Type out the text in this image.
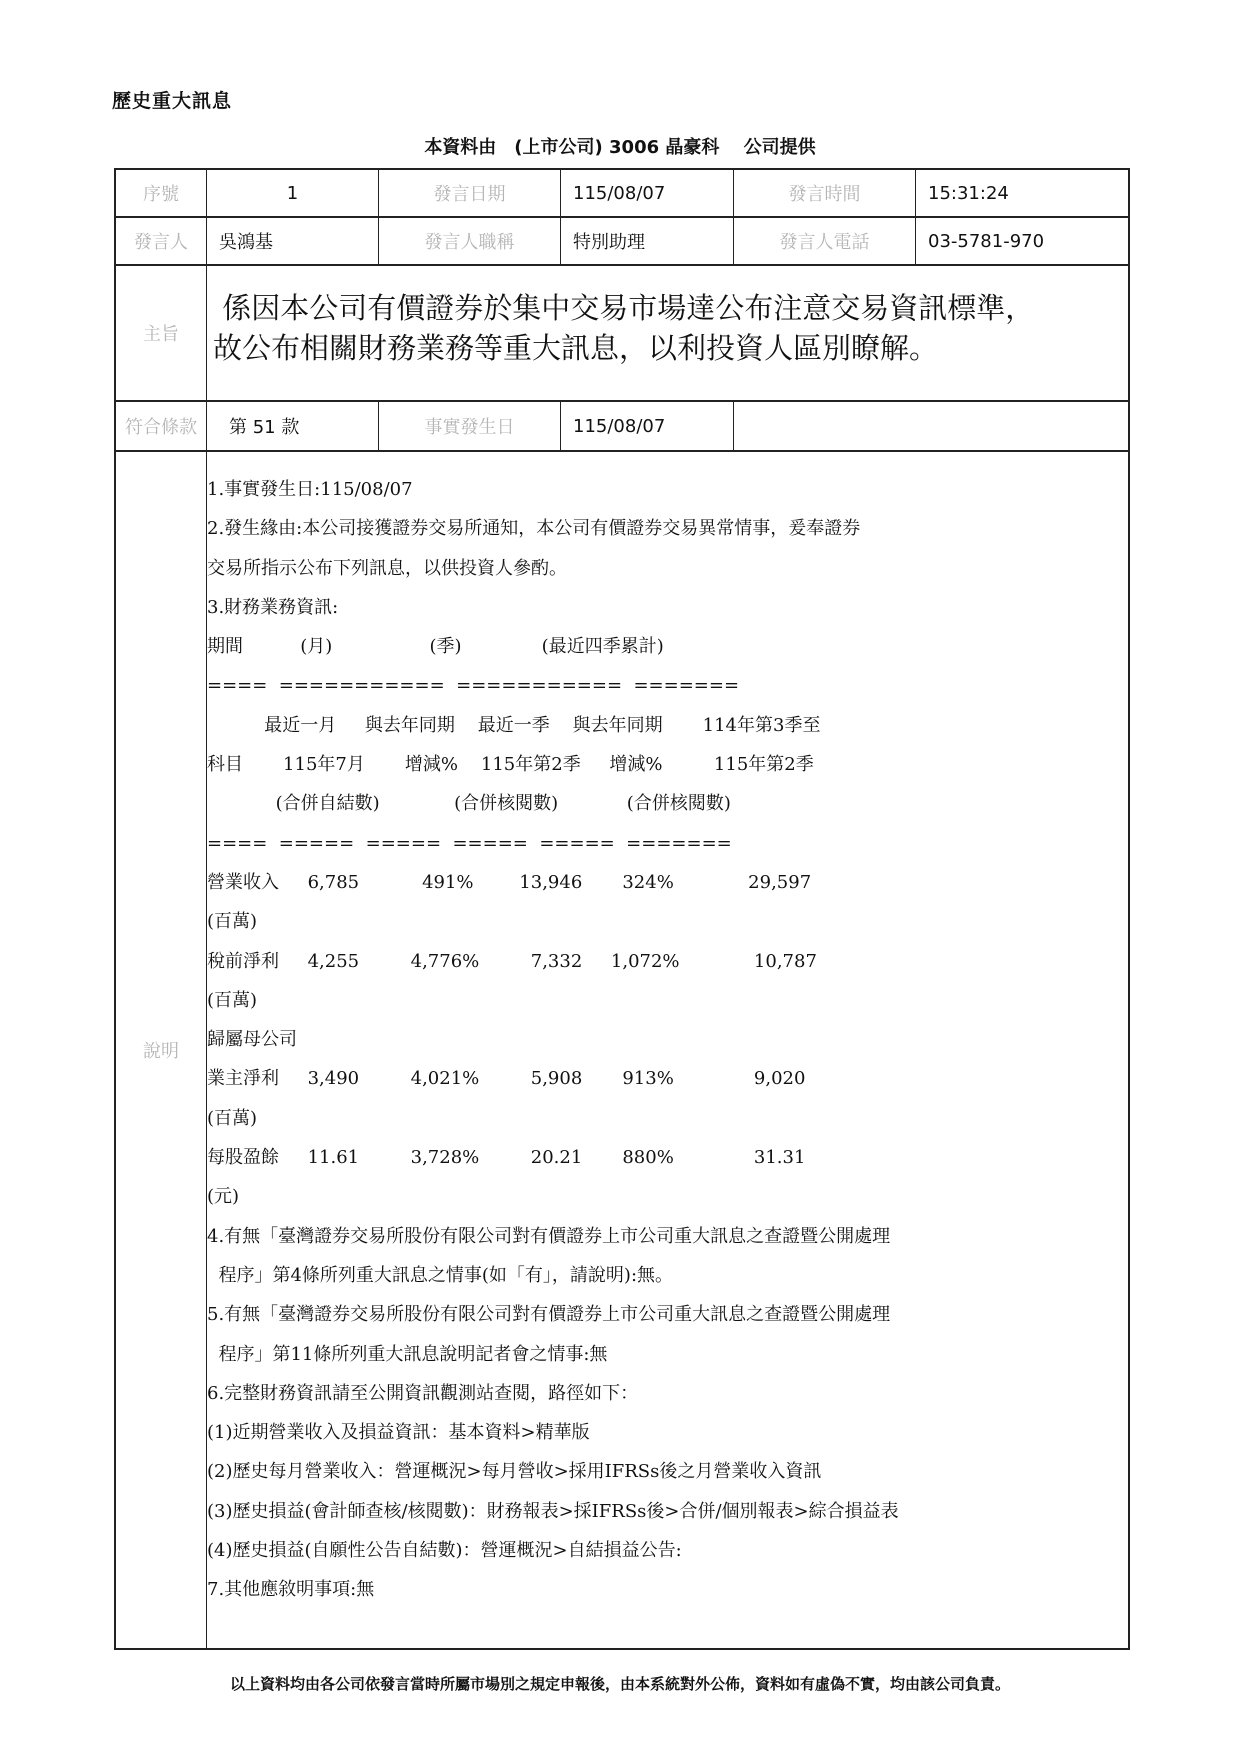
歷史重大訊息
本資料由　(上市公司) 3006 晶豪科　 公司提供
序號	1	發言日期	115/08/07	發言時間	15:31:24
發言人	吳鴻基	發言人職稱	特別助理	發言人電話	03-5781-970
主旨
係因本公司有價證券於集中交易市場達公布注意交易資訊標準，
故公布相關財務業務等重大訊息，以利投資人區別瞭解。
符合條款	第 51 款	事實發生日	115/08/07
說明
1.事實發生日:115/08/07
2.發生緣由:本公司接獲證券交易所通知，本公司有價證券交易異常情事，爰奉證券
交易所指示公布下列訊息，以供投資人參酌。
3.財務業務資訊:
期間          (月)                 (季)              (最近四季累計)
====  ===========  ===========  =======
最近一月     與去年同期    最近一季    與去年同期       114年第3季至
科目       115年7月       增減%    115年第2季     增減%         115年第2季
(合併自結數)             (合併核閱數)            (合併核閱數)
====  =====  =====  =====  =====  =======
營業收入     6,785           491%        13,946       324%             29,597
(百萬)
稅前淨利     4,255         4,776%         7,332     1,072%             10,787
(百萬)
歸屬母公司
業主淨利     3,490         4,021%         5,908       913%              9,020
(百萬)
每股盈餘     11.61         3,728%         20.21       880%              31.31
(元)
4.有無「臺灣證券交易所股份有限公司對有價證券上市公司重大訊息之查證暨公開處理
程序」第4條所列重大訊息之情事(如「有」，請說明):無。
5.有無「臺灣證券交易所股份有限公司對有價證券上市公司重大訊息之查證暨公開處理
程序」第11條所列重大訊息說明記者會之情事:無
6.完整財務資訊請至公開資訊觀測站查閱，路徑如下：
(1)近期營業收入及損益資訊：基本資料>精華版
(2)歷史每月營業收入：營運概況>每月營收>採用IFRSs後之月營業收入資訊
(3)歷史損益(會計師查核/核閱數)：財務報表>採IFRSs後>合併/個別報表>綜合損益表
(4)歷史損益(自願性公告自結數)：營運概況>自結損益公告:
7.其他應敘明事項:無
以上資料均由各公司依發言當時所屬市場別之規定申報後，由本系統對外公佈，資料如有虛偽不實，均由該公司負責。
